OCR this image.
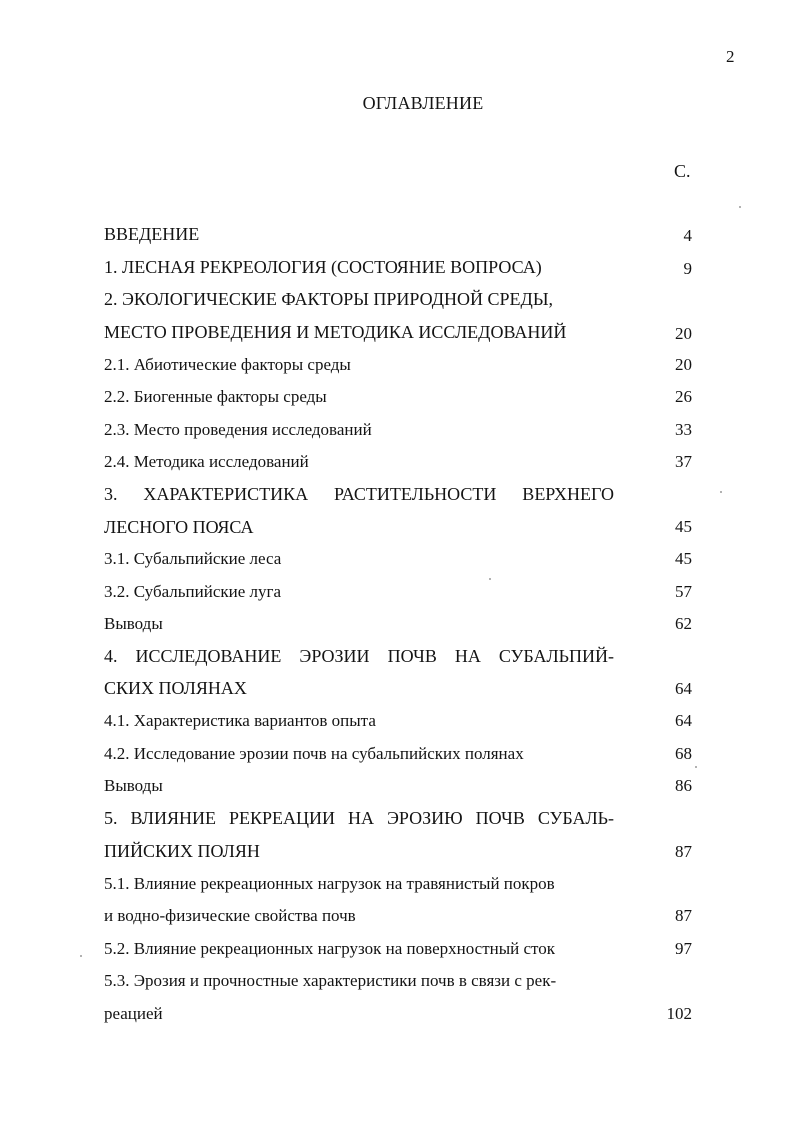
2
ОГЛАВЛЕНИЕ
С.
ВВЕДЕНИЕ	4
1. ЛЕСНАЯ РЕКРЕОЛОГИЯ (СОСТОЯНИЕ ВОПРОСА)	9
2. ЭКОЛОГИЧЕСКИЕ ФАКТОРЫ ПРИРОДНОЙ СРЕДЫ,
МЕСТО ПРОВЕДЕНИЯ И МЕТОДИКА ИССЛЕДОВАНИЙ	20
2.1. Абиотические факторы среды	20
2.2. Биогенные факторы среды	26
2.3. Место проведения исследований	33
2.4. Методика исследований	37
3. ХАРАКТЕРИСТИКА РАСТИТЕЛЬНОСТИ ВЕРХНЕГО
ЛЕСНОГО ПОЯСА	45
3.1. Субальпийские леса	45
3.2. Субальпийские луга	57
Выводы	62
4. ИССЛЕДОВАНИЕ ЭРОЗИИ ПОЧВ НА СУБАЛЬПИЙ-
СКИХ ПОЛЯНАХ	64
4.1. Характеристика вариантов опыта	64
4.2. Исследование эрозии почв на субальпийских полянах	68
Выводы	86
5. ВЛИЯНИЕ РЕКРЕАЦИИ НА ЭРОЗИЮ ПОЧВ СУБАЛЬ-
ПИЙСКИХ ПОЛЯН	87
5.1. Влияние рекреационных нагрузок на травянистый покров
и водно-физические свойства почв	87
5.2. Влияние рекреационных нагрузок на поверхностный сток	97
5.3. Эрозия и прочностные характеристики почв в связи с рек-
реацией	102
